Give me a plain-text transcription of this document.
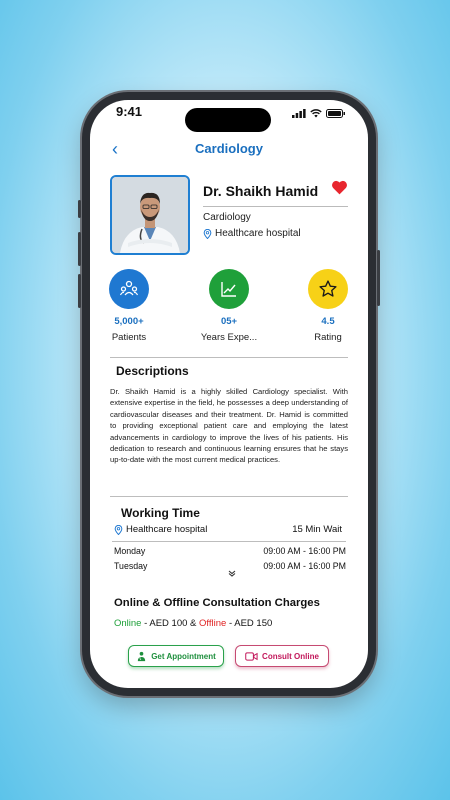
9:41
‹	Cardiology
Dr. Shaikh Hamid
Cardiology
Healthcare hospital
5,000+
Patients
05+
Years Expe...
4.5
Rating
Descriptions
Dr. Shaikh Hamid is a highly skilled Cardiology specialist. With extensive expertise in the field, he possesses a deep understanding of cardiovascular diseases and their treatment. Dr. Hamid is committed to providing exceptional patient care and employing the latest advancements in cardiology to improve the lives of his patients. His dedication to research and continuous learning ensures that he stays up-to-date with the most current medical practices.
Working Time
Healthcare hospital	15 Min Wait
Monday	09:00 AM - 16:00 PM
Tuesday	09:00 AM - 16:00 PM
Online & Offline Consultation Charges
Online - AED 100 & Offline - AED 150
Get Appointment	Consult Online
